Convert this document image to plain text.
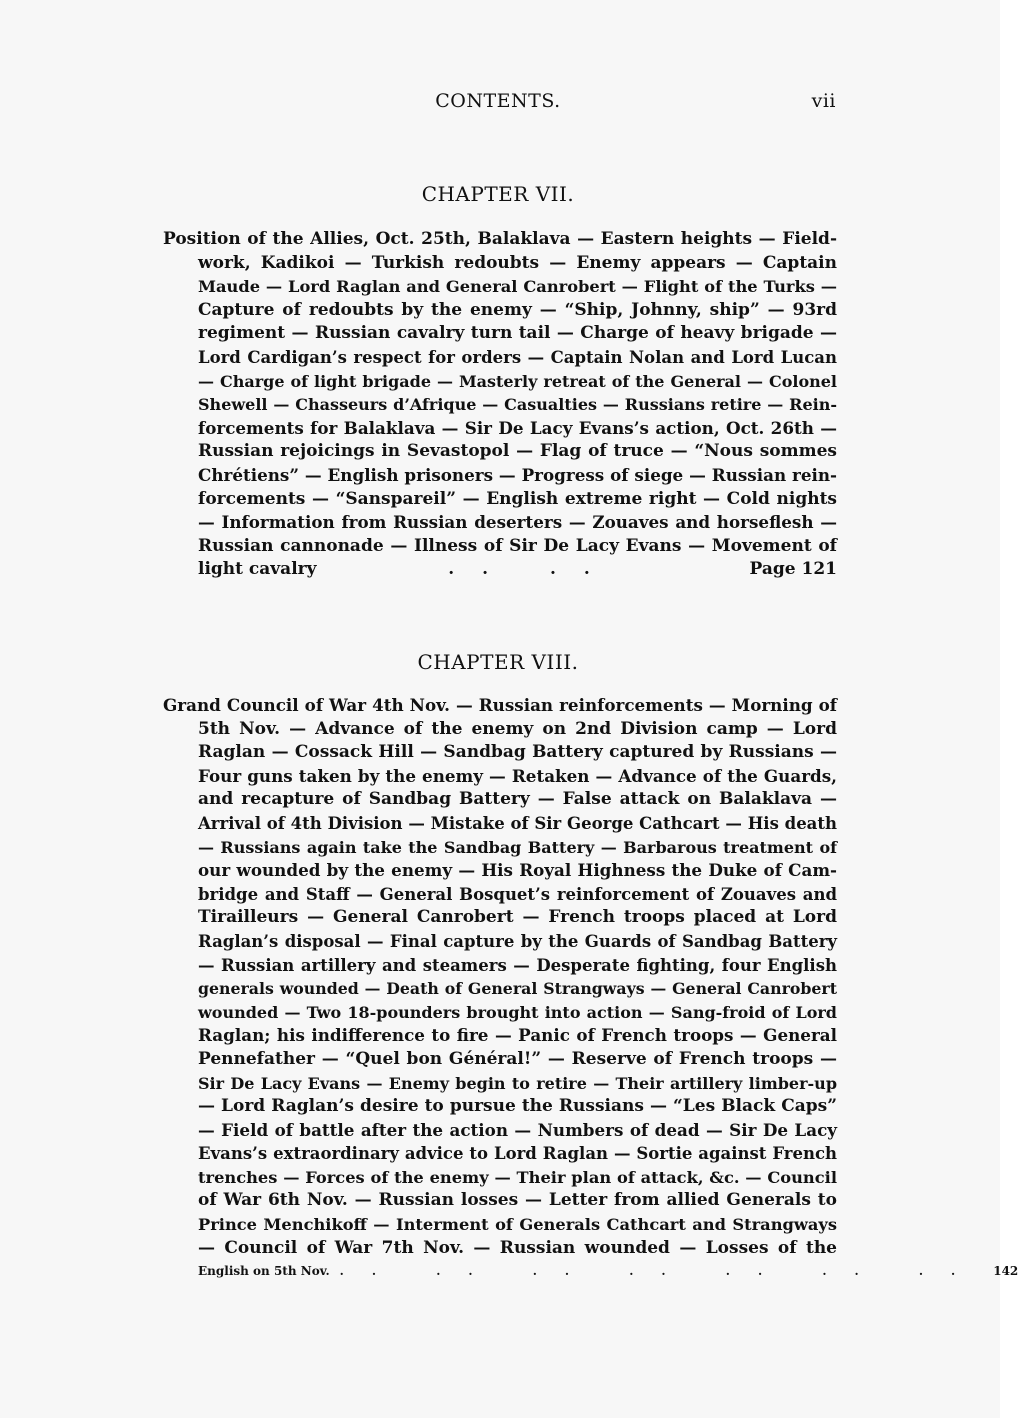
CONTENTS.	vii
CHAPTER VII.
Position of the Allies, Oct. 25th, Balaklava — Eastern heights — Field-
work, Kadikoi — Turkish redoubts — Enemy appears — Captain
Maude — Lord Raglan and General Canrobert — Flight of the Turks —
Capture of redoubts by the enemy — “Ship, Johnny, ship” — 93rd
regiment — Russian cavalry turn tail — Charge of heavy brigade —
Lord Cardigan’s respect for orders — Captain Nolan and Lord Lucan
— Charge of light brigade — Masterly retreat of the General — Colonel
Shewell — Chasseurs d’Afrique — Casualties — Russians retire — Rein-
forcements for Balaklava — Sir De Lacy Evans’s action, Oct. 26th —
Russian rejoicings in Sevastopol — Flag of truce — “Nous sommes
Chrétiens” — English prisoners — Progress of siege — Russian rein-
forcements — “Sanspareil” — English extreme right — Cold nights
— Information from Russian deserters — Zouaves and horseflesh —
Russian cannonade — Illness of Sir De Lacy Evans — Movement of
light cavalry	.. ..	Page 121
CHAPTER VIII.
Grand Council of War 4th Nov. — Russian reinforcements — Morning of
5th Nov. — Advance of the enemy on 2nd Division camp — Lord
Raglan — Cossack Hill — Sandbag Battery captured by Russians —
Four guns taken by the enemy — Retaken — Advance of the Guards,
and recapture of Sandbag Battery — False attack on Balaklava —
Arrival of 4th Division — Mistake of Sir George Cathcart — His death
— Russians again take the Sandbag Battery — Barbarous treatment of
our wounded by the enemy — His Royal Highness the Duke of Cam-
bridge and Staff — General Bosquet’s reinforcement of Zouaves and
Tirailleurs — General Canrobert — French troops placed at Lord
Raglan’s disposal — Final capture by the Guards of Sandbag Battery
— Russian artillery and steamers — Desperate fighting, four English
generals wounded — Death of General Strangways — General Canrobert
wounded — Two 18-pounders brought into action — Sang-froid of Lord
Raglan; his indifference to fire — Panic of French troops — General
Pennefather — “Quel bon Général!” — Reserve of French troops —
Sir De Lacy Evans — Enemy begin to retire — Their artillery limber-up
— Lord Raglan’s desire to pursue the Russians — “Les Black Caps”
— Field of battle after the action — Numbers of dead — Sir De Lacy
Evans’s extraordinary advice to Lord Raglan — Sortie against French
trenches — Forces of the enemy — Their plan of attack, &c. — Council
of War 6th Nov. — Russian losses — Letter from allied Generals to
Prince Menchikoff — Interment of Generals Cathcart and Strangways
— Council of War 7th Nov. — Russian wounded — Losses of the
English on 5th Nov. .. .. .. .. .. .. .. 142
